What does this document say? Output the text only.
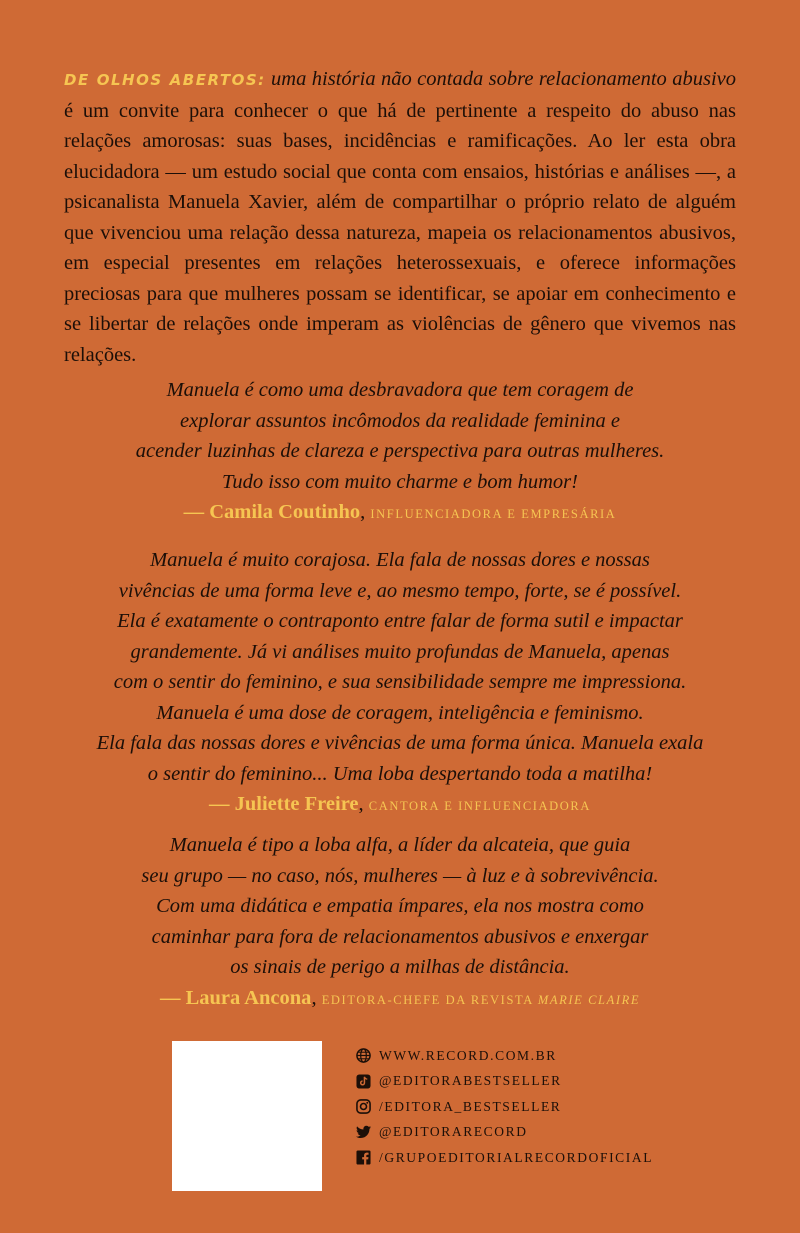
DE OLHOS ABERTOS: uma história não contada sobre relacionamento abusivo é um convite para conhecer o que há de pertinente a respeito do abuso nas relações amorosas: suas bases, incidências e ramificações. Ao ler esta obra elucidadora — um estudo social que conta com ensaios, histórias e análises —, a psicanalista Manuela Xavier, além de compartilhar o próprio relato de alguém que vivenciou uma relação dessa natureza, mapeia os relacionamentos abusivos, em especial presentes em relações heterossexuais, e oferece informações preciosas para que mulheres possam se identificar, se apoiar em conhecimento e se libertar de relações onde imperam as violências de gênero que vivemos nas relações.
Manuela é como uma desbravadora que tem coragem de
explorar assuntos incômodos da realidade feminina e
acender luzinhas de clareza e perspectiva para outras mulheres.
Tudo isso com muito charme e bom humor!
— Camila Coutinho, INFLUENCIADORA E EMPRESÁRIA
Manuela é muito corajosa. Ela fala de nossas dores e nossas
vivências de uma forma leve e, ao mesmo tempo, forte, se é possível.
Ela é exatamente o contraponto entre falar de forma sutil e impactar
grandemente. Já vi análises muito profundas de Manuela, apenas
com o sentir do feminino, e sua sensibilidade sempre me impressiona.
Manuela é uma dose de coragem, inteligência e feminismo.
Ela fala das nossas dores e vivências de uma forma única. Manuela exala
o sentir do feminino... Uma loba despertando toda a matilha!
— Juliette Freire, CANTORA E INFLUENCIADORA
Manuela é tipo a loba alfa, a líder da alcateia, que guia
seu grupo — no caso, nós, mulheres — à luz e à sobrevivência.
Com uma didática e empatia ímpares, ela nos mostra como
caminhar para fora de relacionamentos abusivos e enxergar
os sinais de perigo a milhas de distância.
— Laura Ancona, EDITORA-CHEFE DA REVISTA MARIE CLAIRE
WWW.RECORD.COM.BR
@EDITORABESTSELLER
/EDITORA_BESTSELLER
@EDITORARECORD
/GRUPOEDITORIALRECORDOFICIAL
